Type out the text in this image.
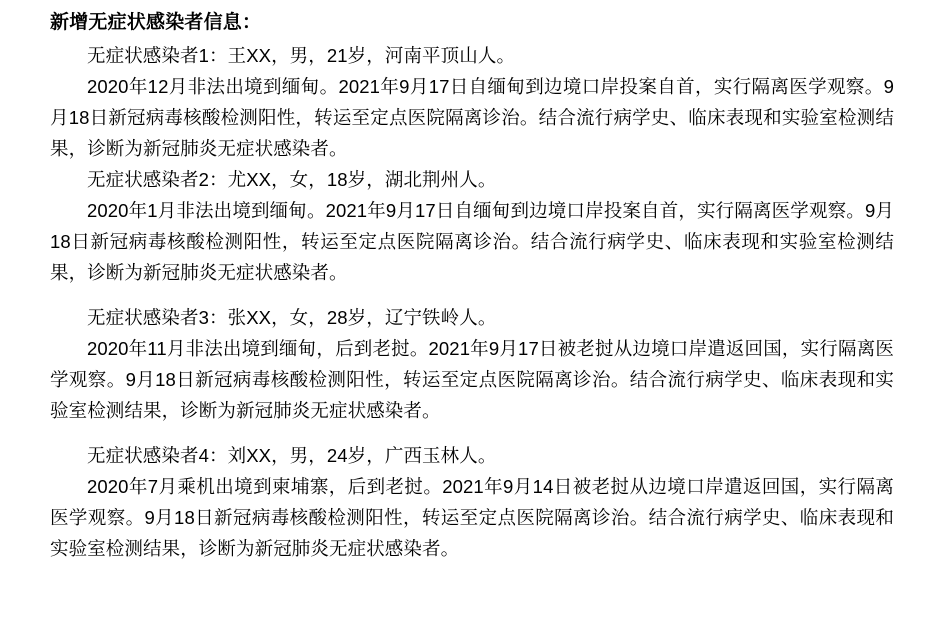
新增无症状感染者信息：

无症状感染者1：王XX，男，21岁，河南平顶山人。

2020年12月非法出境到缅甸。2021年9月17日自缅甸到边境口岸投案自首，实行隔离医学观察。9月18日新冠病毒核酸检测阳性，转运至定点医院隔离诊治。结合流行病学史、临床表现和实验室检测结果，诊断为新冠肺炎无症状感染者。

无症状感染者2：尤XX，女，18岁，湖北荆州人。

2020年1月非法出境到缅甸。2021年9月17日自缅甸到边境口岸投案自首，实行隔离医学观察。9月18日新冠病毒核酸检测阳性，转运至定点医院隔离诊治。结合流行病学史、临床表现和实验室检测结果，诊断为新冠肺炎无症状感染者。

无症状感染者3：张XX，女，28岁，辽宁铁岭人。

2020年11月非法出境到缅甸，后到老挝。2021年9月17日被老挝从边境口岸遣返回国，实行隔离医学观察。9月18日新冠病毒核酸检测阳性，转运至定点医院隔离诊治。结合流行病学史、临床表现和实验室检测结果，诊断为新冠肺炎无症状感染者。

无症状感染者4：刘XX，男，24岁，广西玉林人。

2020年7月乘机出境到柬埔寨，后到老挝。2021年9月14日被老挝从边境口岸遣返回国，实行隔离医学观察。9月18日新冠病毒核酸检测阳性，转运至定点医院隔离诊治。结合流行病学史、临床表现和实验室检测结果，诊断为新冠肺炎无症状感染者。
